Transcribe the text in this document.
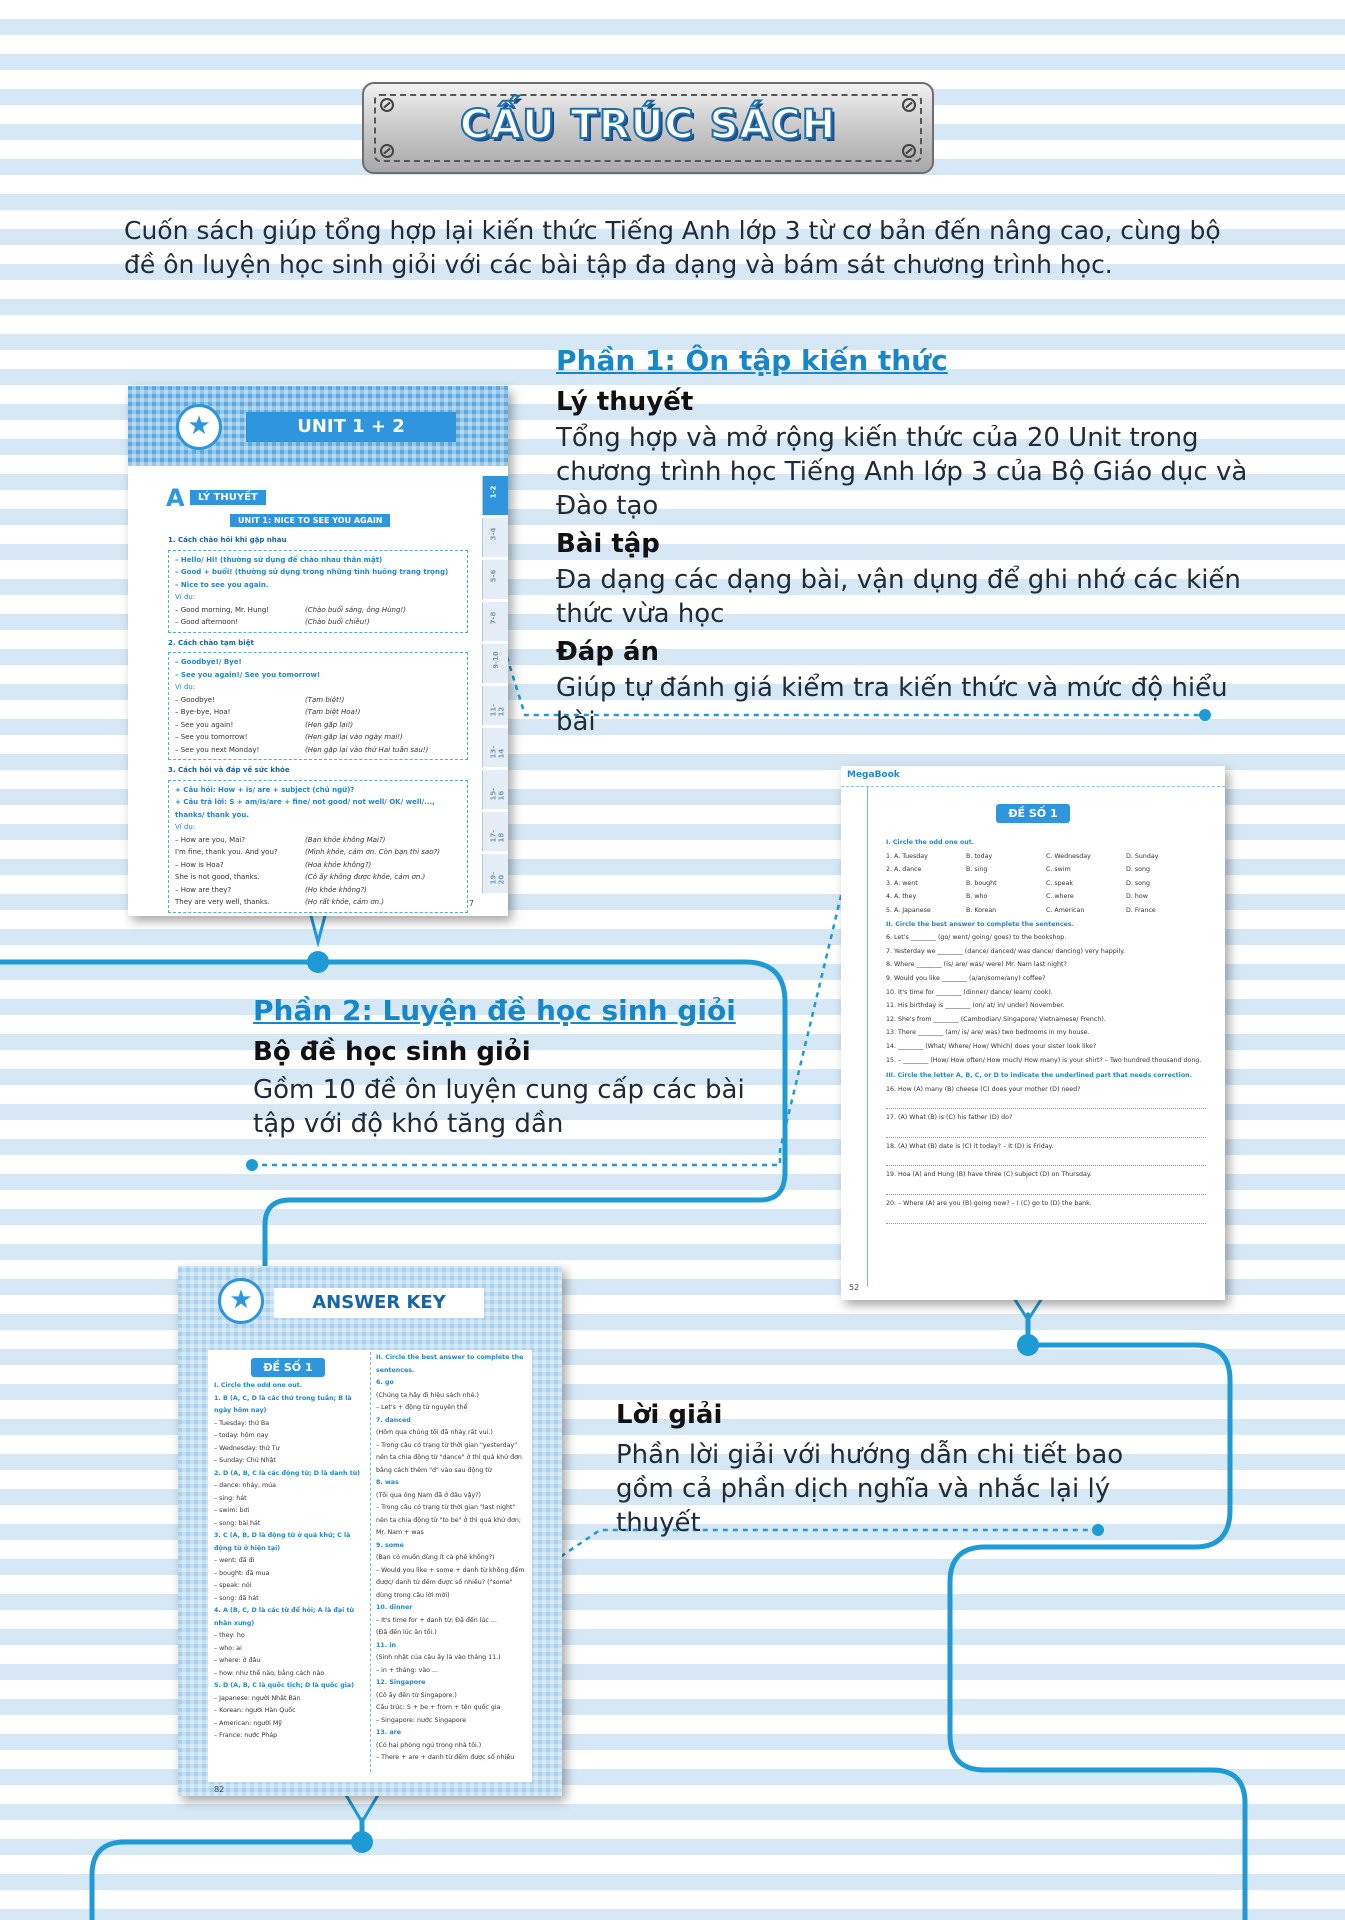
CẤU TRÚC SÁCH
Cuốn sách giúp tổng hợp lại kiến thức Tiếng Anh lớp 3 từ cơ bản đến nâng cao, cùng bộ đề ôn luyện học sinh giỏi với các bài tập đa dạng và bám sát chương trình học.
Phần 1: Ôn tập kiến thức
Lý thuyết
Tổng hợp và mở rộng kiến thức của 20 Unit trong chương trình học Tiếng Anh lớp 3 của Bộ Giáo dục và Đào tạo
Bài tập
Đa dạng các dạng bài, vận dụng để ghi nhớ các kiến thức vừa học
Đáp án
Giúp tự đánh giá kiểm tra kiến thức và mức độ hiểu bài
Phần 2: Luyện đề học sinh giỏi
Bộ đề học sinh giỏi
Gồm 10 đề ôn luyện cung cấp các bài tập với độ khó tăng dần
Lời giải
Phần lời giải với hướng dẫn chi tiết bao gồm cả phần dịch nghĩa và nhắc lại lý thuyết
★	UNIT 1 + 2
A	LÝ THUYẾT
UNIT 1: NICE TO SEE YOU AGAIN
1. Cách chào hỏi khi gặp nhau
– Hello/ Hi! (thường sử dụng để chào nhau thân mật)
– Good + buổi! (thường sử dụng trong những tình huống trang trọng)
– Nice to see you again.
Ví dụ:
– Good morning, Mr. Hung!	(Chào buổi sáng, ông Hùng!)
– Good afternoon!	(Chào buổi chiều!)
2. Cách chào tạm biệt
– Goodbye!/ Bye!
– See you again!/ See you tomorrow!
Ví dụ:
– Goodbye!	(Tạm biệt!)
– Bye-bye, Hoa!	(Tạm biệt Hoa!)
– See you again!	(Hẹn gặp lại!)
– See you tomorrow!	(Hẹn gặp lại vào ngày mai!)
– See you next Monday!	(Hẹn gặp lại vào thứ Hai tuần sau!)
3. Cách hỏi và đáp về sức khỏe
+ Câu hỏi: How + is/ are + subject (chủ ngữ)?
+ Câu trả lời: S + am/is/are + fine/ not good/ not well/ OK/ well/..., thanks/ thank you.
Ví dụ:
– How are you, Mai?	(Bạn khỏe không Mai?)
I'm fine, thank you. And you?	(Mình khỏe, cảm ơn. Còn bạn thì sao?)
– How is Hoa?	(Hoa khỏe không?)
She is not good, thanks.	(Cô ấy không được khỏe, cảm ơn.)
– How are they?	(Họ khỏe không?)
They are very well, thanks.	(Họ rất khỏe, cảm ơn.)
1-2
3-4
5-6
7-8
9-10
11-12
13-14
15-16
17-18
19-20
7
MegaBook
ĐỀ SỐ 1
I. Circle the odd one out.
1. A. Tuesday	B. today	C. Wednesday	D. Sunday
2. A. dance	B. sing	C. swim	D. song
3. A. went	B. bought	C. speak	D. song
4. A. they	B. who	C. where	D. how
5. A. Japanese	B. Korean	C. American	D. France
II. Circle the best answer to complete the sentences.
6. Let's ________ (go/ went/ going/ goes) to the bookshop.
7. Yesterday we ________ (dance/ danced/ was dance/ dancing) very happily.
8. Where ________ (is/ are/ was/ were) Mr. Nam last night?
9. Would you like ________ (a/an/some/any) coffee?
10. It's time for ________ (dinner/ dance/ learn/ cook).
11. His birthday is ________ (on/ at/ in/ under) November.
12. She's from ________ (Cambodian/ Singapore/ Vietnamese/ French).
13. There ________ (am/ is/ are/ was) two bedrooms in my house.
14. ________ (What/ Where/ How/ Which) does your sister look like?
15. – ________ (How/ How often/ How much/ How many) is your shirt? – Two hundred thousand dong.
III. Circle the letter A, B, C, or D to indicate the underlined part that needs correction.
16. How (A) many (B) cheese (C) does your mother (D) need?
17. (A) What (B) is (C) his father (D) do?
18. (A) What (B) date is (C) it today? – It (D) is Friday.
19. Hoa (A) and Hung (B) have three (C) subject (D) on Thursday.
20. – Where (A) are you (B) going now? – I (C) go to (D) the bank.
52
★	ANSWER KEY
ĐỀ SỐ 1
I. Circle the odd one out.
1. B (A, C, D là các thứ trong tuần; B là ngày hôm nay)
– Tuesday: thứ Ba
– today: hôm nay
– Wednesday: thứ Tư
– Sunday: Chủ Nhật
2. D (A, B, C là các động từ; D là danh từ)
– dance: nhảy, múa
– sing: hát
– swim: bơi
– song: bài hát
3. C (A, B, D là động từ ở quá khứ; C là động từ ở hiện tại)
– went: đã đi
– bought: đã mua
– speak: nói
– song: đã hát
4. A (B, C, D là các từ để hỏi; A là đại từ nhân xưng)
– they: họ
– who: ai
– where: ở đâu
– how: như thế nào, bằng cách nào
5. D (A, B, C là quốc tịch; D là quốc gia)
– Japanese: người Nhật Bản
– Korean: người Hàn Quốc
– American: người Mỹ
– France: nước Pháp
II. Circle the best answer to complete the sentences.
6. go
(Chúng ta hãy đi hiệu sách nhé.)
– Let's + động từ nguyên thể
7. danced
(Hôm qua chúng tôi đã nhảy rất vui.)
– Trong câu có trạng từ thời gian "yesterday" nên ta chia động từ "dance" ở thì quá khứ đơn bằng cách thêm "d" vào sau động từ
8. was
(Tối qua ông Nam đã ở đâu vậy?)
– Trong câu có trạng từ thời gian "last night" nên ta chia động từ "to be" ở thì quá khứ đơn; Mr. Nam + was
9. some
(Bạn có muốn dùng ít cà phê không?)
– Would you like + some + danh từ không đếm được/ danh từ đếm được số nhiều? ("some" dùng trong câu lời mời)
10. dinner
– It's time for + danh từ: Đã đến lúc ...
(Đã đến lúc ăn tối.)
11. in
(Sinh nhật của cậu ấy là vào tháng 11.)
– in + tháng: vào ...
12. Singapore
(Cô ấy đến từ Singapore.)
Cấu trúc: S + be + from + tên quốc gia
– Singapore: nước Singapore
13. are
(Có hai phòng ngủ trong nhà tôi.)
– There + are + danh từ đếm được số nhiều
82
